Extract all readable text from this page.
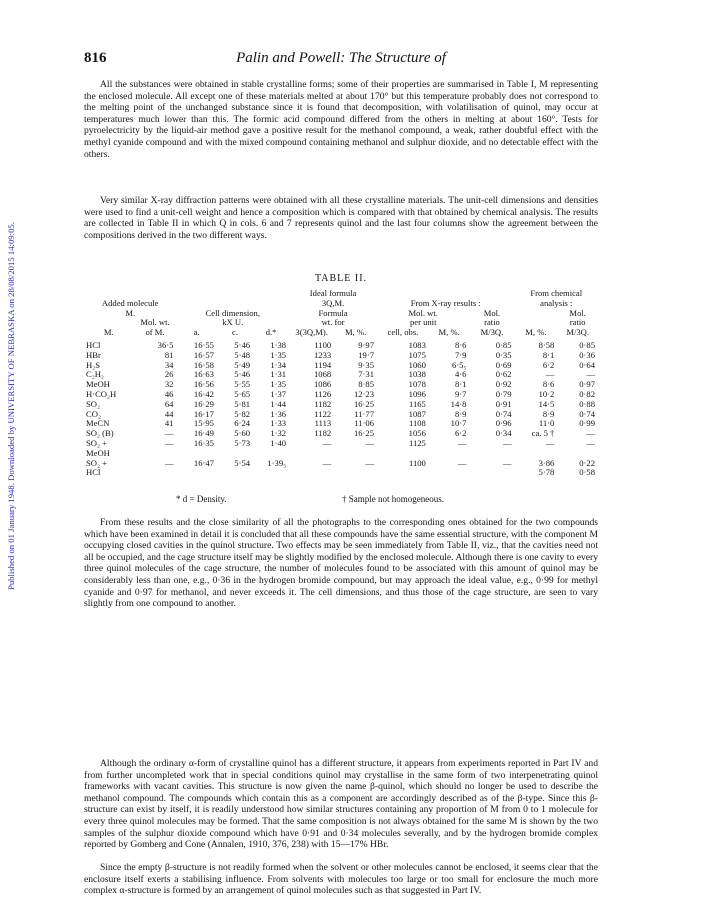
Published on 01 January 1948. Downloaded by UNIVERSITY OF NEBRASKA on 28/08/2015 14:09:05.
816	Palin and Powell: The Structure of

All the substances were obtained in stable crystalline forms; some of their properties are summarised in Table I, M representing the enclosed molecule. All except one of these materials melted at about 170° but this temperature probably does not correspond to the melting point of the unchanged substance since it is found that decomposition, with volatilisation of quinol, may occur at temperatures much lower than this. The formic acid compound differed from the others in melting at about 160°. Tests for pyroelectricity by the liquid-air method gave a positive result for the methanol compound, a weak, rather doubtful effect with the methyl cyanide compound and with the mixed compound containing methanol and sulphur dioxide, and no detectable effect with the others.

Very similar X-ray diffraction patterns were obtained with all these crystalline materials. The unit-cell dimensions and densities were used to find a unit-cell weight and hence a composition which is compared with that obtained by chemical analysis. The results are collected in Table II in which Q in cols. 6 and 7 represents quinol and the last four columns show the agreement between the compositions derived in the two different ways.

TABLE II.
					Ideal formula					From chemical	
Added molecule					3Q,M.		From X-ray results :			analysis :	
M.		Cell dimension,			Formula		Mol. wt.		Mol.		Mol.
	Mol. wt.	kX U.			wt. for		per unit		ratio		ratio
M.	of M.	a.	c.	d.*	3(3Q,M).	M, %.	cell, obs.	M, %.	M/3Q.	M, %.	M/3Q.
HCl	36·5	16·55	5·46	1·38	1100	9·97	1083	8·6	0·85	8·58	0·85
HBr	81	16·57	5·48	1·35	1233	19·7	1075	7·9	0·35	8·1	0·36
H₂S	34	16·58	5·49	1·34	1194	9·35	1060	6·5₅	0·69	6·2	0·64
C₂H₂	26	16·63	5·46	1·31	1068	7·31	1038	4·6	0·62	—	—
MeOH	32	16·56	5·55	1·35	1086	8·85	1078	8·1	0·92	8·6	0·97
H·CO₂H	46	16·42	5·65	1·37	1126	12·23	1096	9·7	0·79	10·2	0·82
SO₂	64	16·29	5·81	1·44	1182	16·25	1165	14·8	0·91	14·5	0·88
CO₂	44	16·17	5·82	1·36	1122	11·77	1087	8·9	0·74	8·9	0·74
MeCN	41	15·95	6·24	1·33	1113	11·06	1108	10·7	0·96	11·0	0·99
SO₂ (B)	—	16·49	5·60	1·32	1182	16·25	1056	6·2	0·34	ca. 5 †	—
SO₂ +	—	16·35	5·73	1·40	—	—	1125	—	—	—	—
MeOH											
SO₂ +	—	16·47	5·54	1·39₅	—	—	1100	—	—	3·86	0·22
HCl										5·78	0·58
* d = Density.	† Sample not homogeneous.

From these results and the close similarity of all the photographs to the corresponding ones obtained for the two compounds which have been examined in detail it is concluded that all these compounds have the same essential structure, with the component M occupying closed cavities in the quinol structure. Two effects may be seen immediately from Table II, viz., that the cavities need not all be occupied, and the cage structure itself may be slightly modified by the enclosed molecule. Although there is one cavity to every three quinol molecules of the cage structure, the number of molecules found to be associated with this amount of quinol may be considerably less than one, e.g., 0·36 in the hydrogen bromide compound, but may approach the ideal value, e.g., 0·99 for methyl cyanide and 0·97 for methanol, and never exceeds it. The cell dimensions, and thus those of the cage structure, are seen to vary slightly from one compound to another.

Although the ordinary α-form of crystalline quinol has a different structure, it appears from experiments reported in Part IV and from further uncompleted work that in special conditions quinol may crystallise in the same form of two interpenetrating quinol frameworks with vacant cavities. This structure is now given the name β-quinol, which should no longer be used to describe the methanol compound. The compounds which contain this as a component are accordingly described as of the β-type. Since this β-structure can exist by itself, it is readily understood how similar structures containing any proportion of M from 0 to 1 molecule for every three quinol molecules may be formed. That the same composition is not always obtained for the same M is shown by the two samples of the sulphur dioxide compound which have 0·91 and 0·34 molecules severally, and by the hydrogen bromide complex reported by Gomberg and Cone (Annalen, 1910, 376, 238) with 15—17% HBr.

Since the empty β-structure is not readily formed when the solvent or other molecules cannot be enclosed, it seems clear that the enclosure itself exerts a stabilising influence. From solvents with molecules too large or too small for enclosure the much more complex α-structure is formed by an arrangement of quinol molecules such as that suggested in Part IV.
